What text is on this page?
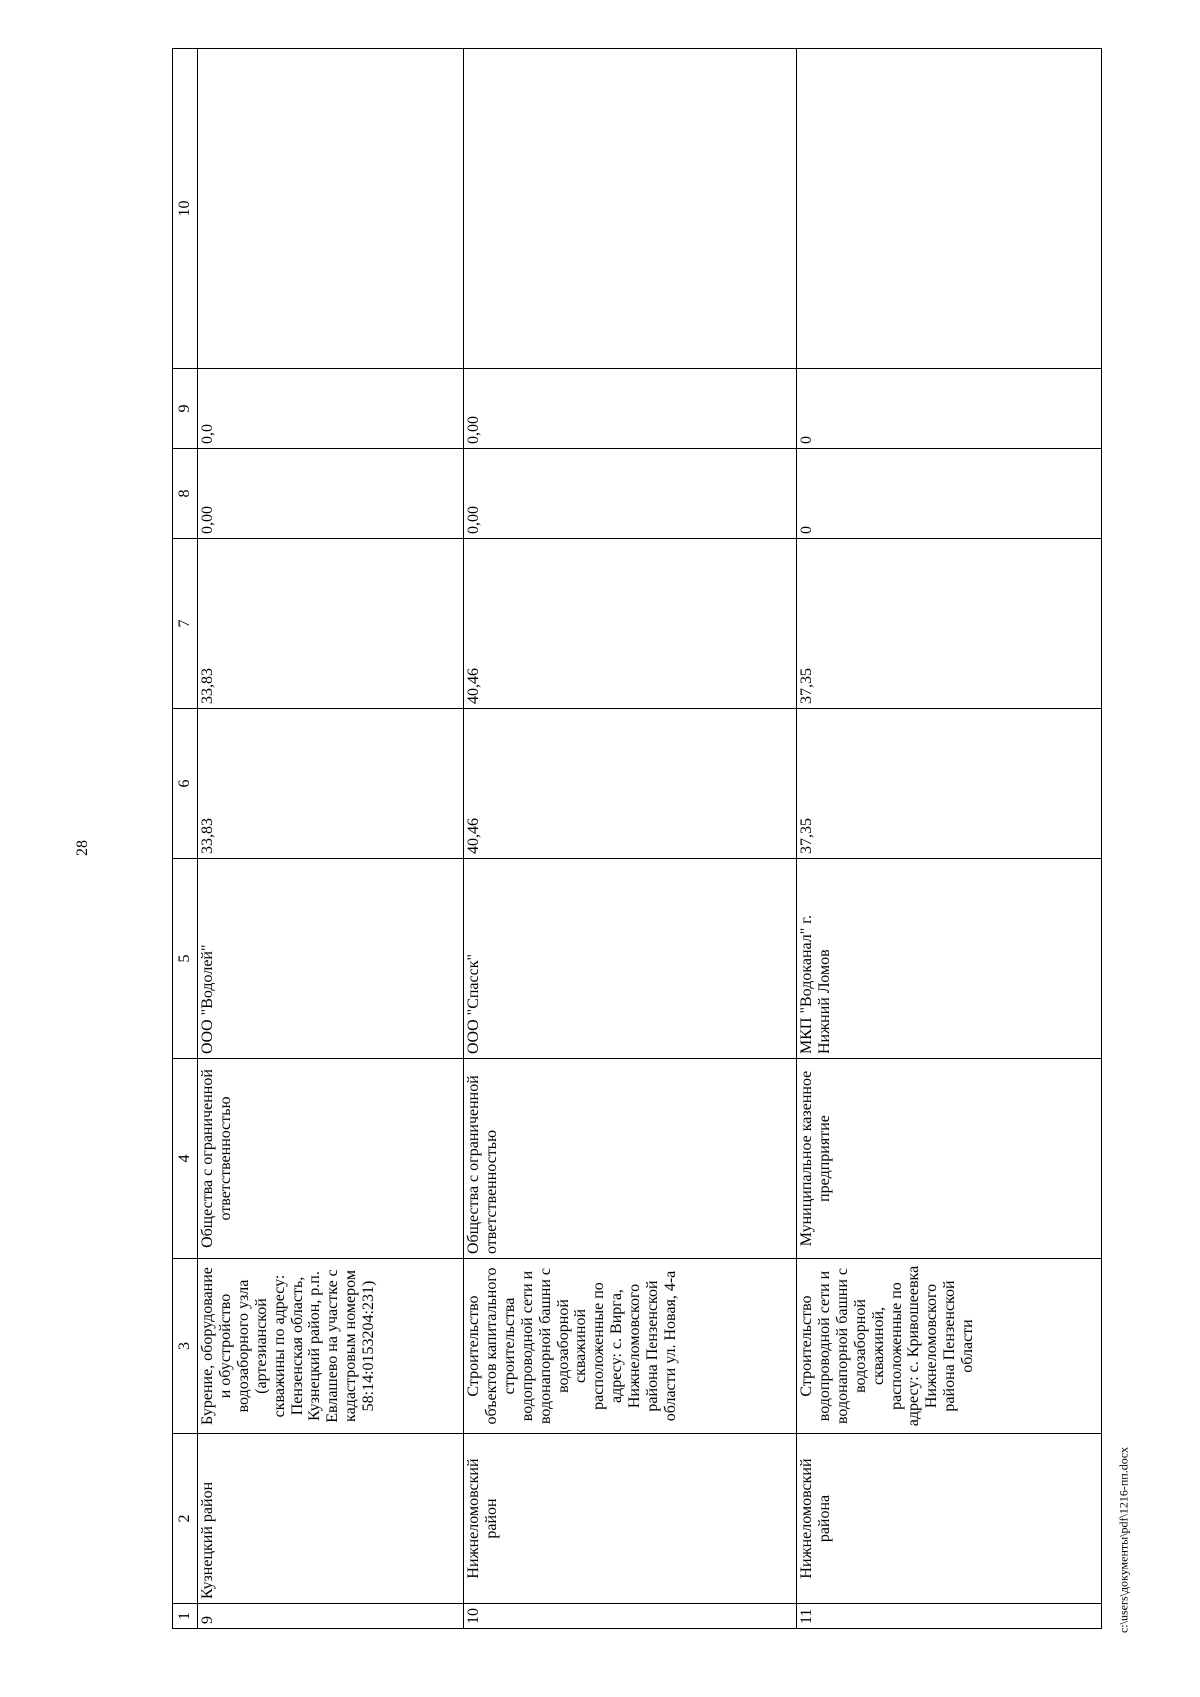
28
1	2	3	4	5	6	7	8	9	10
9	Кузнецкий район	Бурение, оборудование и обустройство водозаборного узла (артезианской скважины по адресу: Пензенская область, Кузнецкий район, р.п. Евлашево на участке с кадастровым номером 58:14:0153204:231)	Общества с ограниченной ответственностью	ООО "Водолей"	33,83	33,83	0,00	0,0	
10	Нижнеломовский район	Строительство объектов капитального строительства водопроводной сети и водонапорной башни с водозаборной скважиной расположенные по адресу: с. Вирга, Нижнеломовского района Пензенской области ул. Новая, 4-а	Общества с ограниченной ответственностью	ООО "Спасск"	40,46	40,46	0,00	0,00	
11	Нижнеломовский района	Строительство водопроводной сети и водонапорной башни с водозаборной скважиной, расположенные по адресу: с. Кривошеевка Нижнеломовского района Пензенской области	Муниципальное казенное предприятие	МКП "Водоканал" г. Нижний Ломов	37,35	37,35	0	0	
c:\users\документы\pdf\1216-пп.docx
